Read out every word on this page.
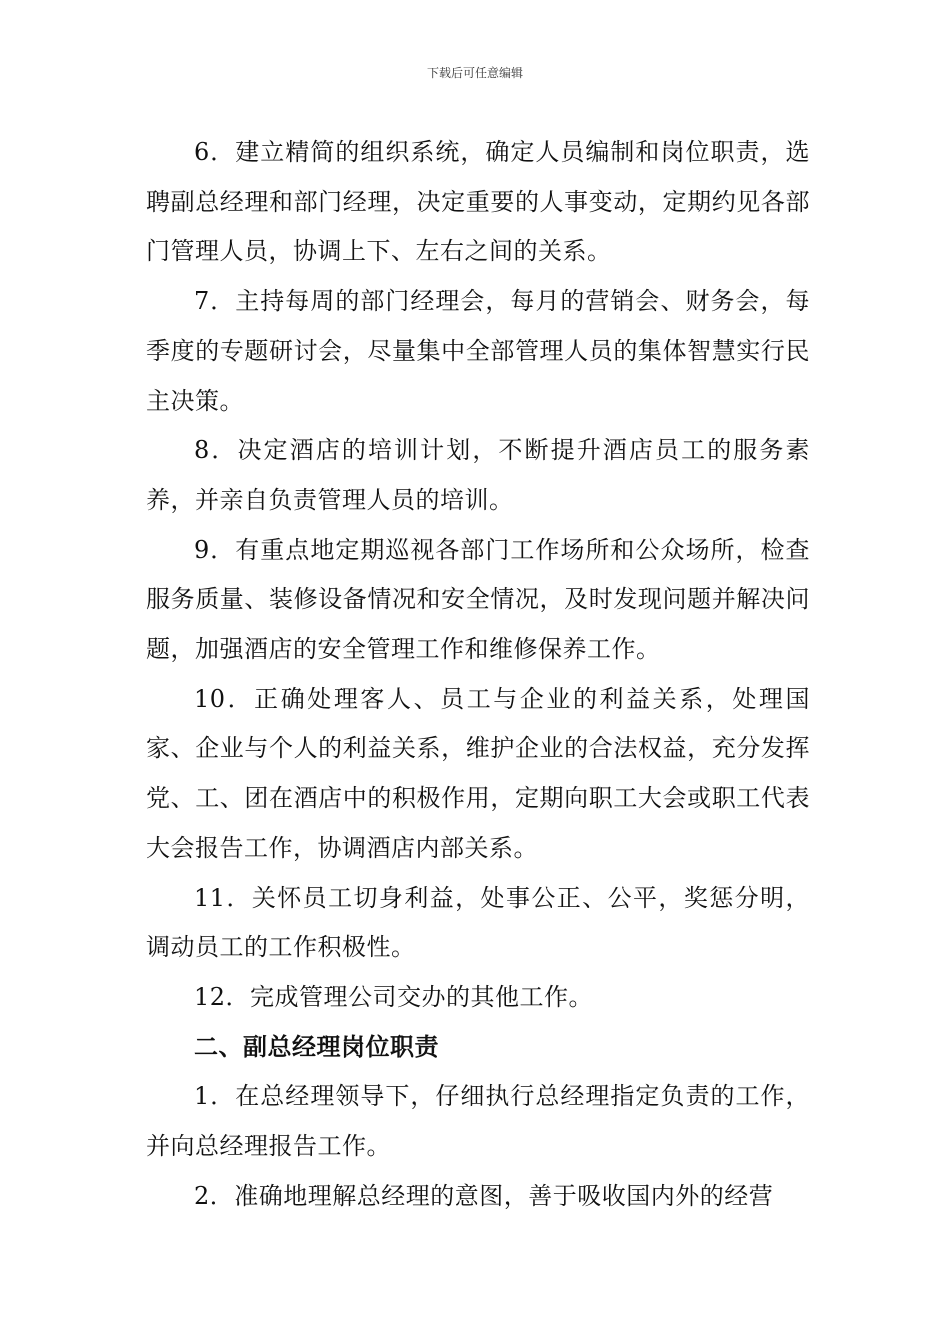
下载后可任意编辑

6．建立精简的组织系统，确定人员编制和岗位职责，选聘副总经理和部门经理，决定重要的人事变动，定期约见各部门管理人员，协调上下、左右之间的关系。

7．主持每周的部门经理会，每月的营销会、财务会，每季度的专题研讨会，尽量集中全部管理人员的集体智慧实行民主决策。

8．决定酒店的培训计划，不断提升酒店员工的服务素养，并亲自负责管理人员的培训。

9．有重点地定期巡视各部门工作场所和公众场所，检查服务质量、装修设备情况和安全情况，及时发现问题并解决问题，加强酒店的安全管理工作和维修保养工作。

10．正确处理客人、员工与企业的利益关系，处理国家、企业与个人的利益关系，维护企业的合法权益，充分发挥党、工、团在酒店中的积极作用，定期向职工大会或职工代表大会报告工作，协调酒店内部关系。

11．关怀员工切身利益，处事公正、公平，奖惩分明，调动员工的工作积极性。

12．完成管理公司交办的其他工作。

二、副总经理岗位职责

1．在总经理领导下，仔细执行总经理指定负责的工作，并向总经理报告工作。

2．准确地理解总经理的意图，善于吸收国内外的经营
